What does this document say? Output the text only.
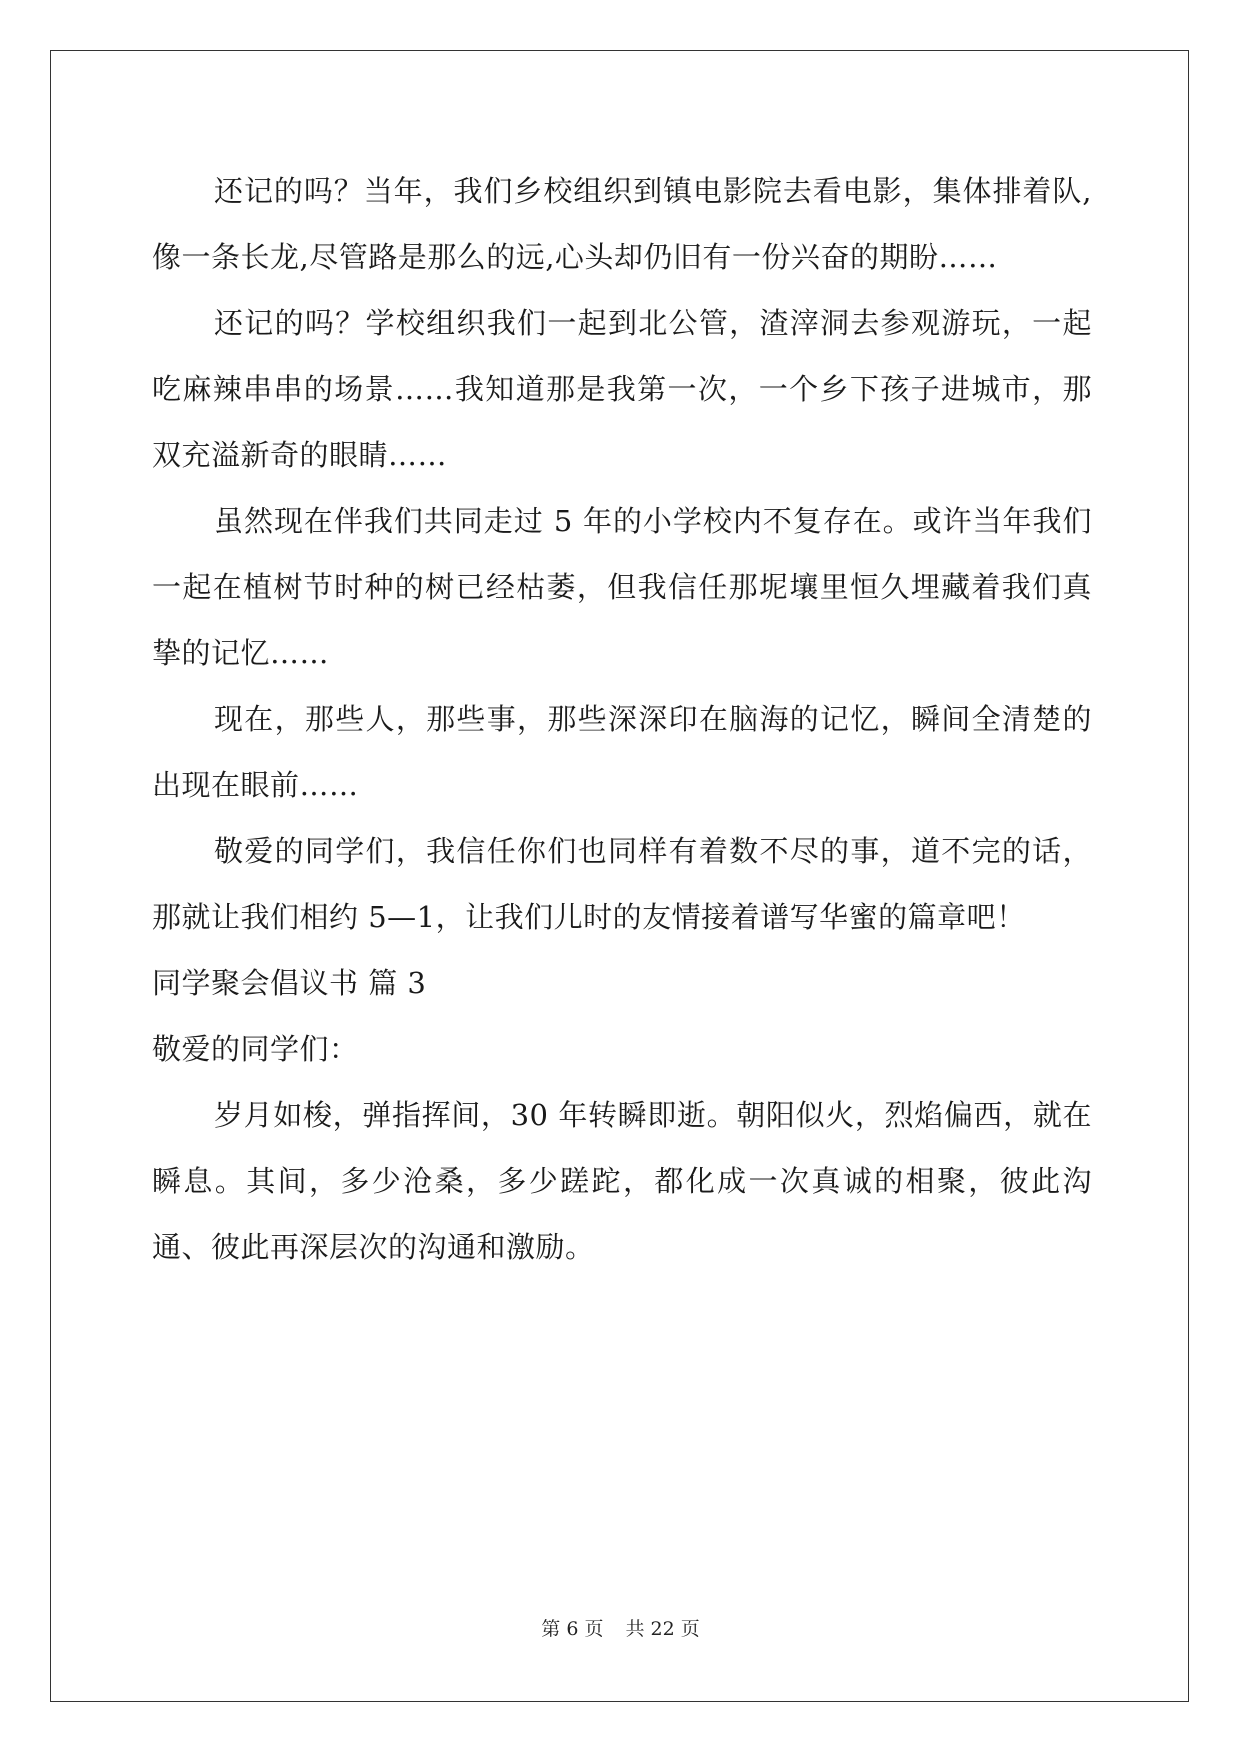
还记的吗？当年，我们乡校组织到镇电影院去看电影，集体排着队,像一条长龙,尽管路是那么的远,心头却仍旧有一份兴奋的期盼……

还记的吗？学校组织我们一起到北公管，渣滓洞去参观游玩，一起吃麻辣串串的场景……我知道那是我第一次，一个乡下孩子进城市，那双充溢新奇的眼睛……

虽然现在伴我们共同走过 5 年的小学校内不复存在。或许当年我们一起在植树节时种的树已经枯萎，但我信任那坭壤里恒久埋藏着我们真挚的记忆……

现在，那些人，那些事，那些深深印在脑海的记忆，瞬间全清楚的出现在眼前……

敬爱的同学们，我信任你们也同样有着数不尽的事，道不完的话，那就让我们相约 5—1，让我们儿时的友情接着谱写华蜜的篇章吧！

同学聚会倡议书 篇 3

敬爱的同学们：

岁月如梭，弹指挥间，30 年转瞬即逝。朝阳似火，烈焰偏西，就在瞬息。其间，多少沧桑，多少蹉跎，都化成一次真诚的相聚，彼此沟通、彼此再深层次的沟通和激励。

第 6 页 共 22 页
